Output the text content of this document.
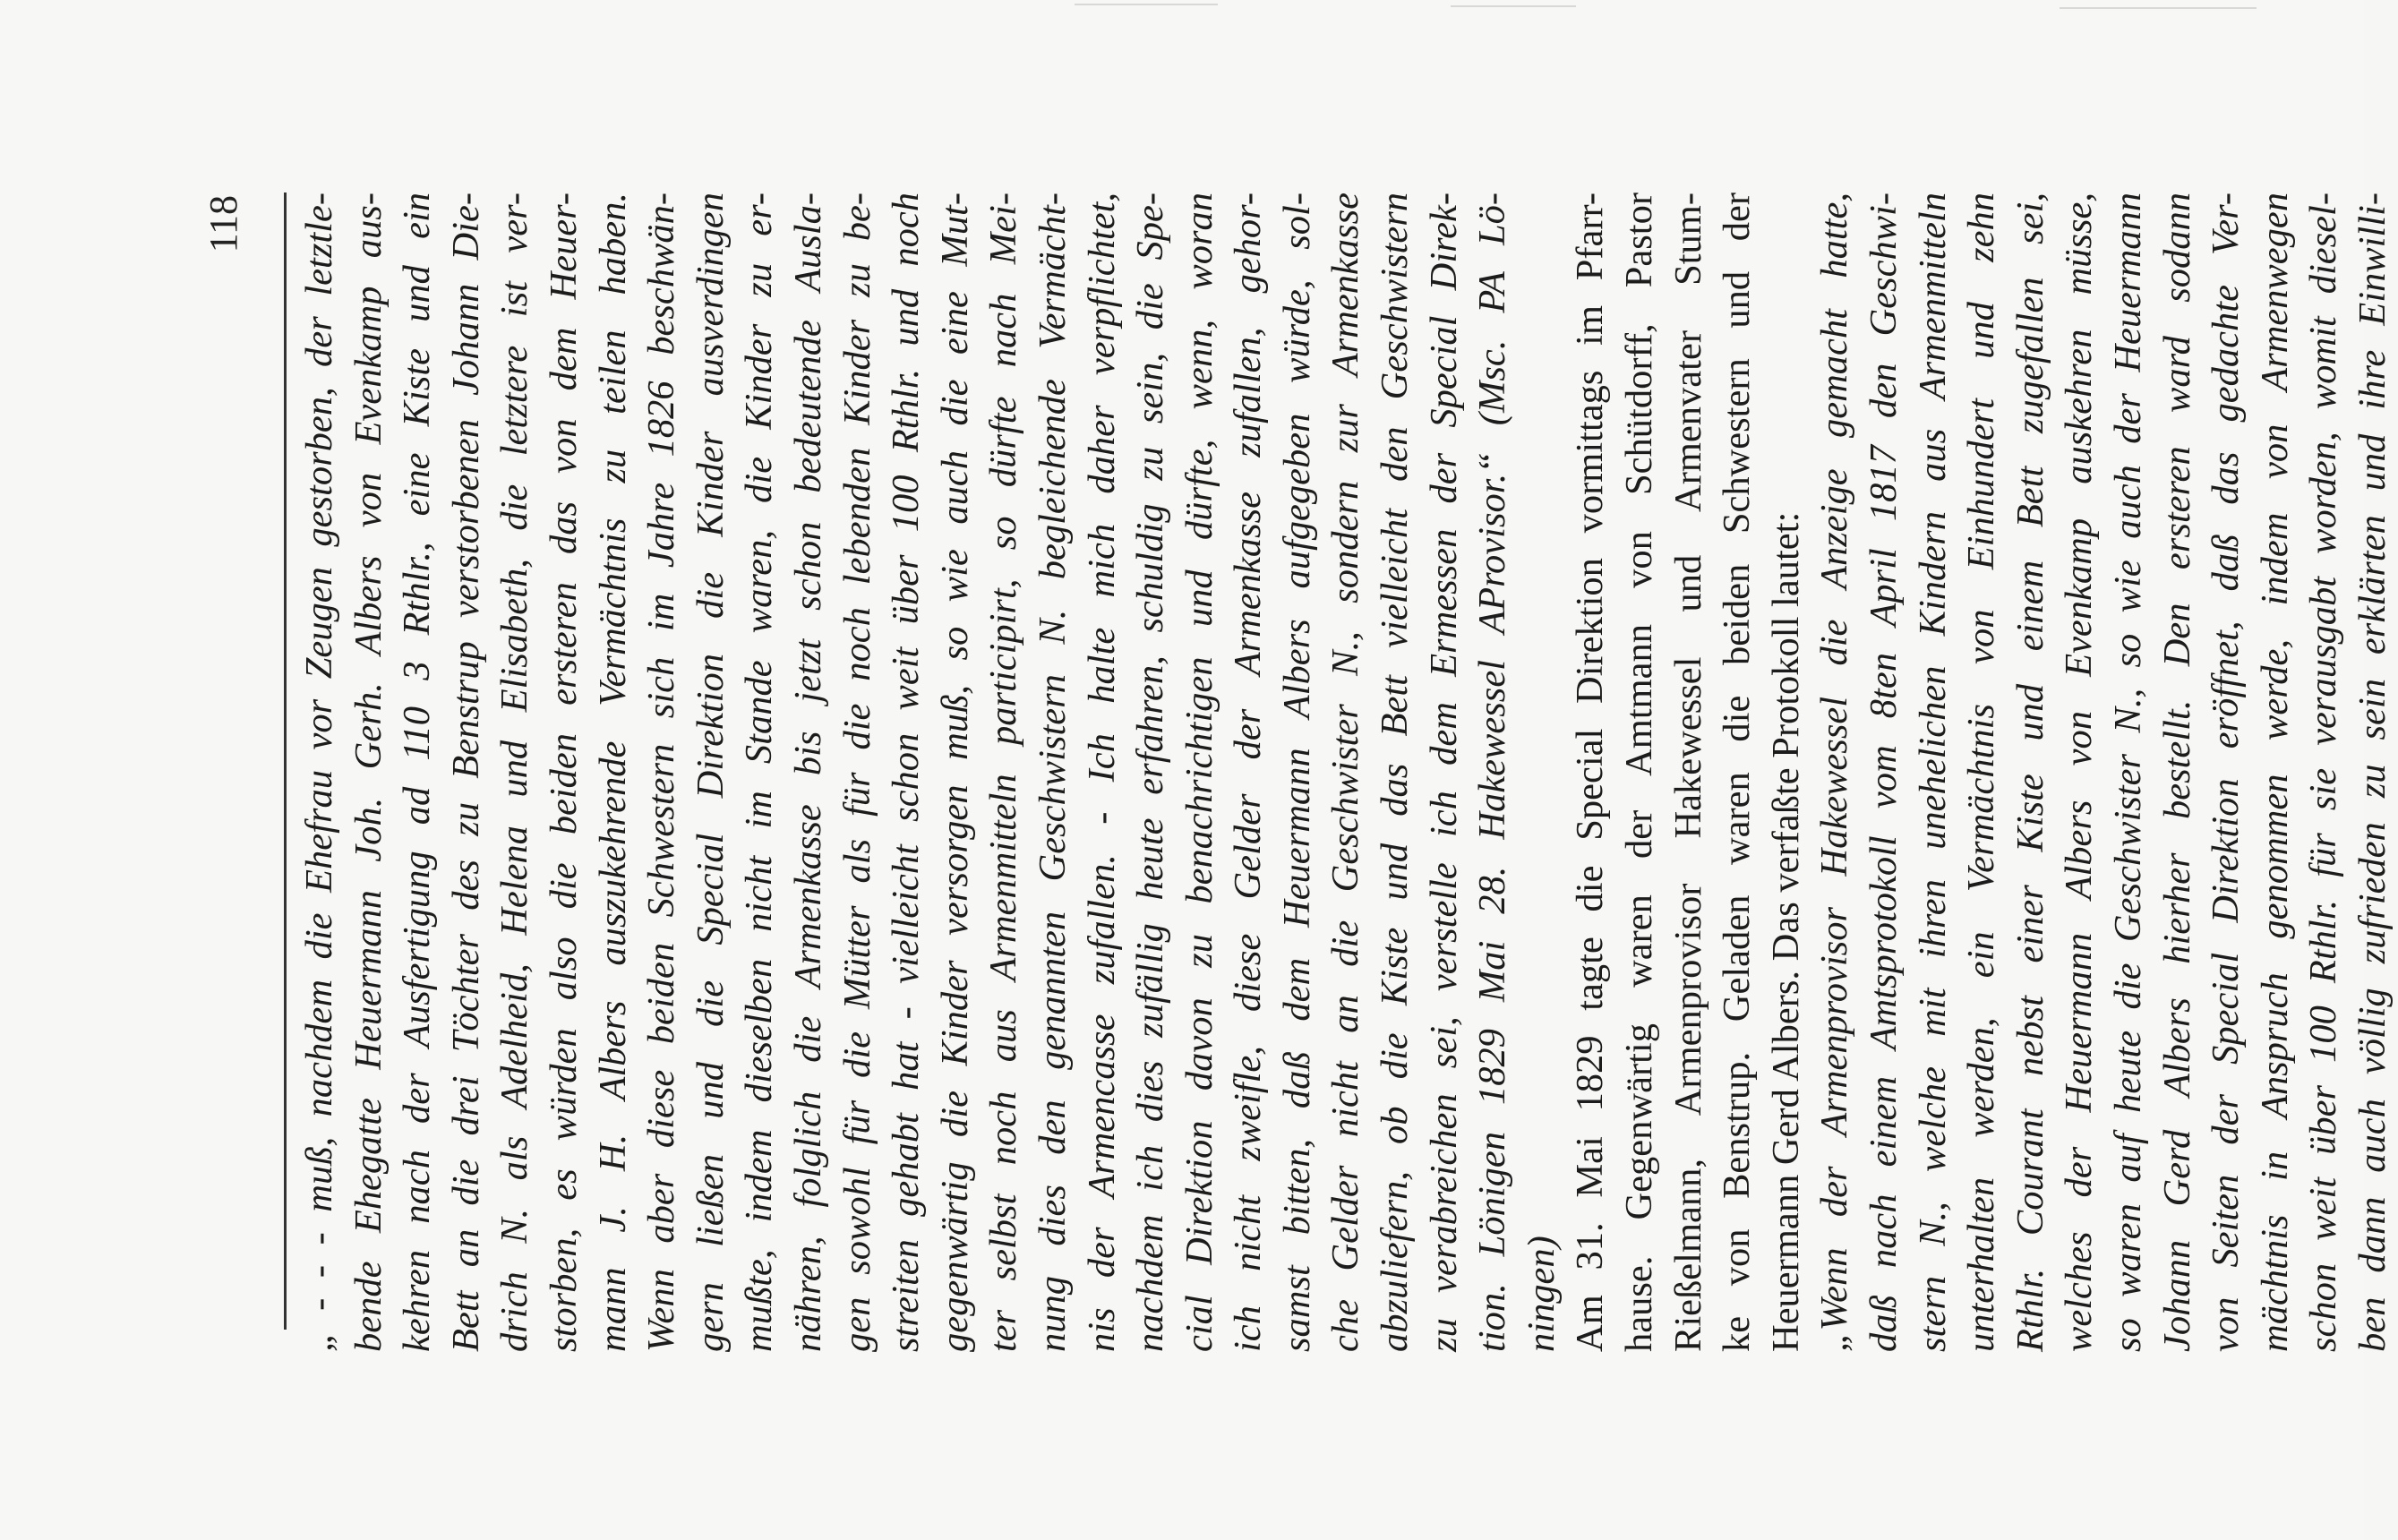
118 „ - - - muß, nachdem die Ehefrau vor Zeugen gestorben, der letztle- bende Ehegatte Heuermann Joh. Gerh. Albers von Evenkamp aus- kehren nach der Ausfertigung ad 110 3 Rthlr., eine Kiste und ein Bett an die drei Töchter des zu Benstrup verstorbenen Johann Die- drich N. als Adelheid, Helena und Elisabeth, die letztere ist ver- storben, es würden also die beiden ersteren das von dem Heuer- mann J. H. Albers auszukehrende Vermächtnis zu teilen haben. Wenn aber diese beiden Schwestern sich im Jahre 1826 beschwän- gern ließen und die Special Direktion die Kinder ausverdingen mußte, indem dieselben nicht im Stande waren, die Kinder zu er- nähren, folglich die Armenkasse bis jetzt schon bedeutende Ausla- gen sowohl für die Mütter als für die noch lebenden Kinder zu be- streiten gehabt hat - vielleicht schon weit über 100 Rthlr. und noch gegenwärtig die Kinder versorgen muß, so wie auch die eine Mut- ter selbst noch aus Armenmitteln participirt, so dürfte nach Mei- nung dies den genannten Geschwistern N. begleichende Vermächt- nis der Armencasse zufallen. - Ich halte mich daher verpflichtet, nachdem ich dies zufällig heute erfahren, schuldig zu sein, die Spe- cial Direktion davon zu benachrichtigen und dürfte, wenn, woran ich nicht zweifle, diese Gelder der Armenkasse zufallen, gehor- samst bitten, daß dem Heuermann Albers aufgegeben würde, sol- che Gelder nicht an die Geschwister N., sondern zur Armenkasse abzuliefern, ob die Kiste und das Bett vielleicht den Geschwistern zu verabreichen sei, verstelle ich dem Ermessen der Special Direk- tion. Lönigen 1829 Mai 28. Hakewessel AProvisor.“ (Msc. PA Lö- ningen) Am 31. Mai 1829 tagte die Special Direktion vormittags im Pfarr- hause. Gegenwärtig waren der Amtmann von Schütdorff, Pastor Rießelmann, Armenprovisor Hakewessel und Armenvater Stum- ke von Benstrup. Geladen waren die beiden Schwestern und der Heuermann Gerd Albers. Das verfaßte Protokoll lautet: „Wenn der Armenprovisor Hakewessel die Anzeige gemacht hatte, daß nach einem Amtsprotokoll vom 8ten April 1817 den Geschwi- stern N., welche mit ihren unehelichen Kindern aus Armenmitteln unterhalten werden, ein Vermächtnis von Einhundert und zehn Rthlr. Courant nebst einer Kiste und einem Bett zugefallen sei, welches der Heuermann Albers von Evenkamp auskehren müsse, so waren auf heute die Geschwister N., so wie auch der Heuermann Johann Gerd Albers hierher bestellt. Den ersteren ward sodann von Seiten der Special Direktion eröffnet, daß das gedachte Ver- mächtnis in Anspruch genommen werde, indem von Armenwegen schon weit über 100 Rthlr. für sie verausgabt worden, womit diesel- ben dann auch völlig zufrieden zu sein erklärten und ihre Einwilli-
